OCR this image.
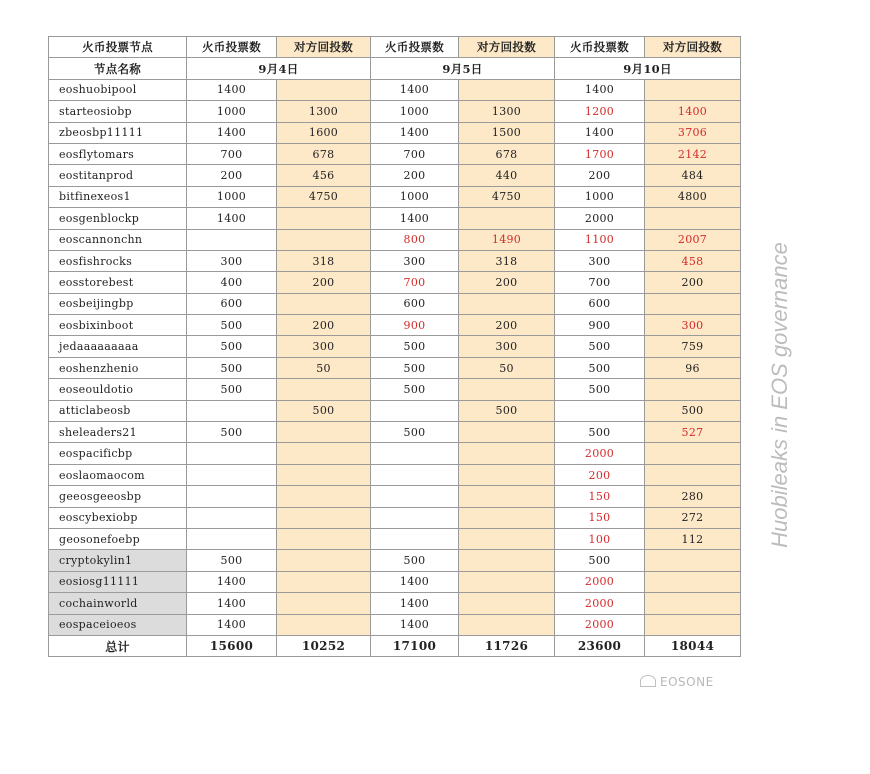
火币投票节点	火币投票数	对方回投数	火币投票数	对方回投数	火币投票数	对方回投数
节点名称	9月4日		9月5日		9月10日	
eoshuobipool	1400		1400		1400	
starteosiobp	1000	1300	1000	1300	1200	1400
zbeosbp11111	1400	1600	1400	1500	1400	3706
eosflytomars	700	678	700	678	1700	2142
eostitanprod	200	456	200	440	200	484
bitfinexeos1	1000	4750	1000	4750	1000	4800
eosgenblockp	1400		1400		2000	
eoscannonchn			800	1490	1100	2007
eosfishrocks	300	318	300	318	300	458
eosstorebest	400	200	700	200	700	200
eosbeijingbp	600		600		600	
eosbixinboot	500	200	900	200	900	300
jedaaaaaaaaa	500	300	500	300	500	759
eoshenzhenio	500	50	500	50	500	96
eoseouldotio	500		500		500	
atticlabeosb		500		500		500
sheleaders21	500		500		500	527
eospacificbp					2000	
eoslaomaocom					200	
geeosgeeosbp					150	280
eoscybexiobp					150	272
geosonefoebp					100	112
cryptokylin1	500		500		500	
eosiosg11111	1400		1400		2000	
cochainworld	1400		1400		2000	
eospaceioeos	1400		1400		2000	
总计	15600	10252	17100	11726	23600	18044
EOSONE
Huobileaks in EOS governance
